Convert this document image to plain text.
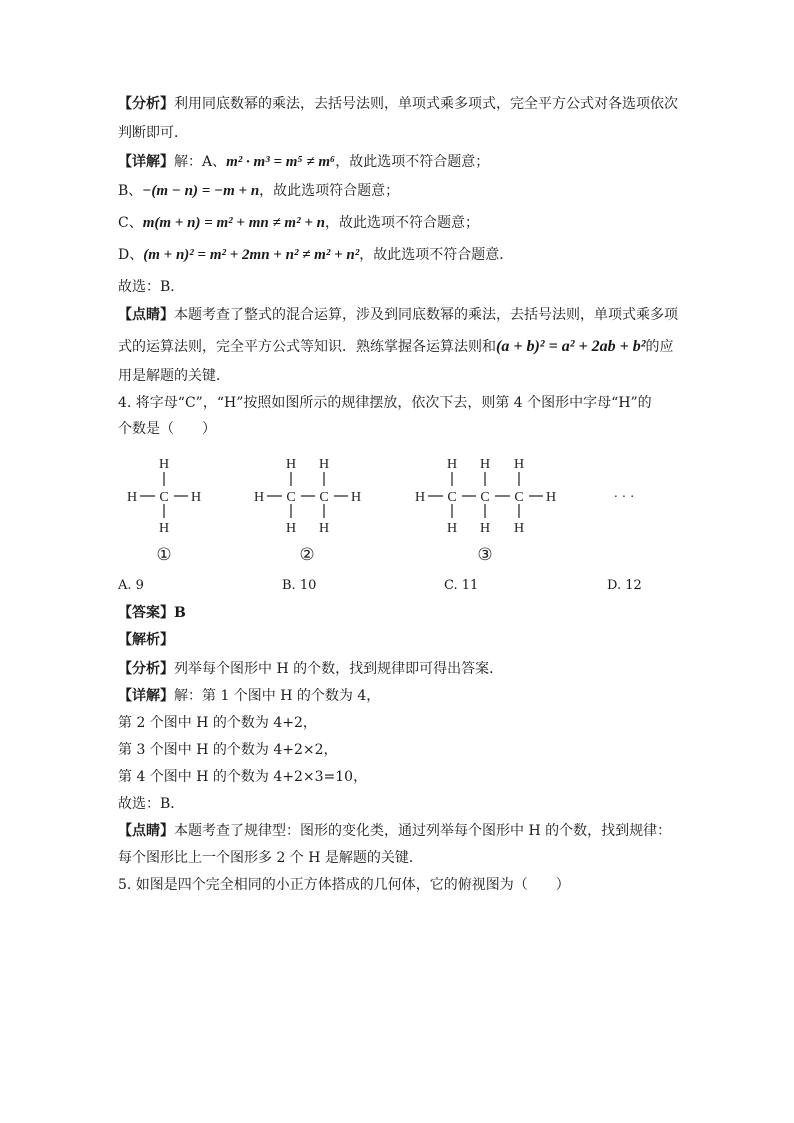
【分析】利用同底数幂的乘法，去括号法则，单项式乘多项式，完全平方公式对各选项依次
判断即可．
【详解】解：A、m² · m³ = m⁵ ≠ m⁶，故此选项不符合题意；
B、−(m − n) = −m + n，故此选项符合题意；
C、m(m + n) = m² + mn ≠ m² + n，故此选项不符合题意；
D、(m + n)² = m² + 2mn + n² ≠ m² + n²，故此选项不符合题意．
故选：B．
【点睛】本题考查了整式的混合运算，涉及到同底数幂的乘法，去括号法则，单项式乘多项
式的运算法则，完全平方公式等知识．熟练掌握各运算法则和(a + b)² = a² + 2ab + b²的应
用是解题的关键．
4. 将字母“C”，“H”按照如图所示的规律摆放，依次下去，则第 4 个图形中字母“H”的
个数是（　　）
H
C
H
H	H
H H
C C
H H
H	H
H H H
C C C
H H H
H	H	· · ·
①	②	③
A. 9	B. 10	C. 11	D. 12
【答案】B
【解析】
【分析】列举每个图形中 H 的个数，找到规律即可得出答案．
【详解】解：第 1 个图中 H 的个数为 4，
第 2 个图中 H 的个数为 4+2，
第 3 个图中 H 的个数为 4+2×2，
第 4 个图中 H 的个数为 4+2×3=10，
故选：B．
【点睛】本题考查了规律型：图形的变化类，通过列举每个图形中 H 的个数，找到规律：
每个图形比上一个图形多 2 个 H 是解题的关键．
5. 如图是四个完全相同的小正方体搭成的几何体，它的俯视图为（　　）
